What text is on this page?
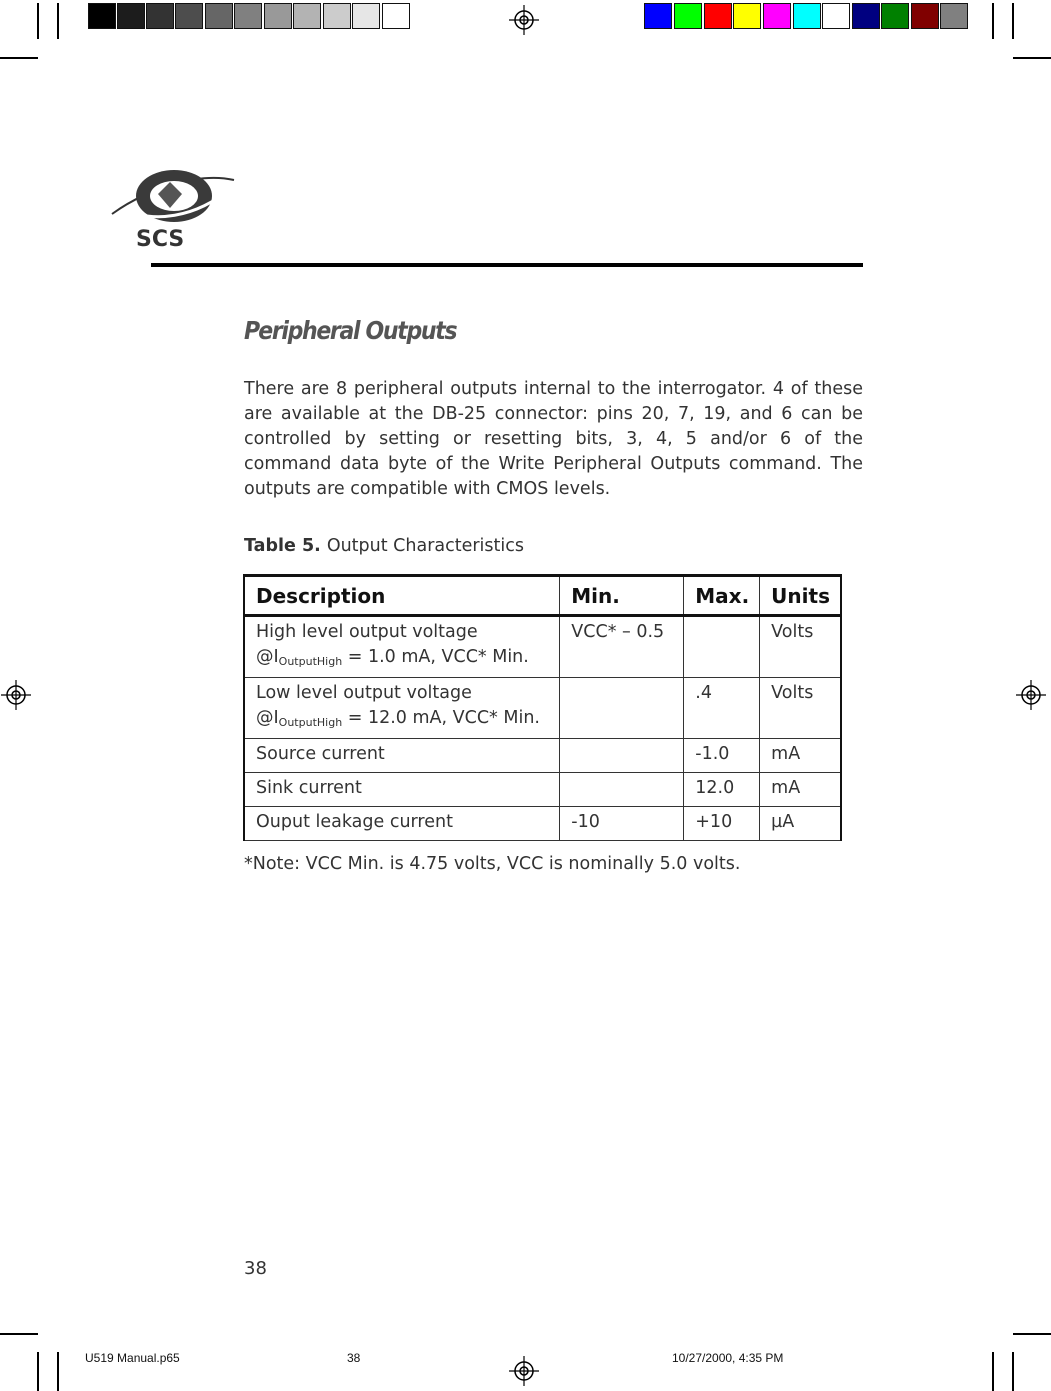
SCS
Peripheral Outputs
There are 8 peripheral outputs internal to the interrogator. 4 of these are available at the DB-25 connector: pins 20, 7, 19, and 6 can be controlled by setting or resetting bits, 3, 4, 5 and/or 6 of the command data byte of the Write Peripheral Outputs command. The outputs are compatible with CMOS levels.
Table 5. Output Characteristics
Description	Min.	Max.	Units
High level output voltage $@I_{OutputHigh} = 1.0$ mA, VCC* Min.	VCC* – 0.5		Volts
Low level output voltage $@I_{OutputHigh} = 12.0$ mA, VCC* Min.		.4	Volts
Source current		-1.0	mA
Sink current		12.0	mA
Ouput leakage current	-10	+10	µA
*Note: VCC Min. is 4.75 volts, VCC is nominally 5.0 volts.
38
U519 Manual.p65	38	10/27/2000, 4:35 PM
